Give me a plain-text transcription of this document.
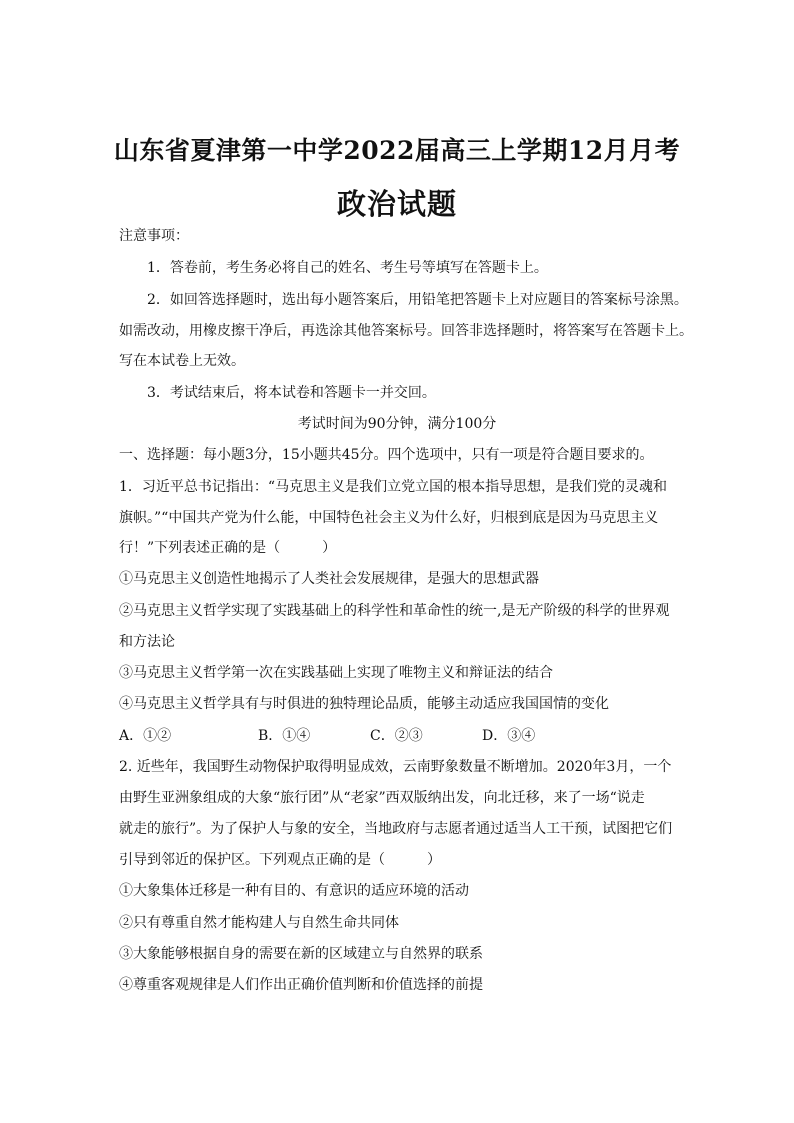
山东省夏津第一中学2022届高三上学期12月月考
政治试题
注意事项：
1．答卷前，考生务必将自己的姓名、考生号等填写在答题卡上。
2．如回答选择题时，选出每小题答案后，用铅笔把答题卡上对应题目的答案标号涂黑。
如需改动，用橡皮擦干净后，再选涂其他答案标号。回答非选择题时，将答案写在答题卡上。
写在本试卷上无效。
3．考试结束后，将本试卷和答题卡一并交回。
考试时间为90分钟，满分100分
一、选择题：每小题3分，15小题共45分。四个选项中，只有一项是符合题目要求的。
1．习近平总书记指出：“马克思主义是我们立党立国的根本指导思想，是我们党的灵魂和
旗帜。”“中国共产党为什么能，中国特色社会主义为什么好，归根到底是因为马克思主义
行！”下列表述正确的是（　　　）
①马克思主义创造性地揭示了人类社会发展规律，是强大的思想武器
②马克思主义哲学实现了实践基础上的科学性和革命性的统一,是无产阶级的科学的世界观
和方法论
③马克思主义哲学第一次在实践基础上实现了唯物主义和辩证法的结合
④马克思主义哲学具有与时俱进的独特理论品质，能够主动适应我国国情的变化
A．①②	B．①④	C．②③	D．③④
2. 近些年，我国野生动物保护取得明显成效，云南野象数量不断增加。2020年3月，一个
由野生亚洲象组成的大象“旅行团”从“老家”西双版纳出发，向北迁移，来了一场“说走
就走的旅行”。为了保护人与象的安全，当地政府与志愿者通过适当人工干预，试图把它们
引导到邻近的保护区。下列观点正确的是（　　　）
①大象集体迁移是一种有目的、有意识的适应环境的活动
②只有尊重自然才能构建人与自然生命共同体
③大象能够根据自身的需要在新的区域建立与自然界的联系
④尊重客观规律是人们作出正确价值判断和价值选择的前提
